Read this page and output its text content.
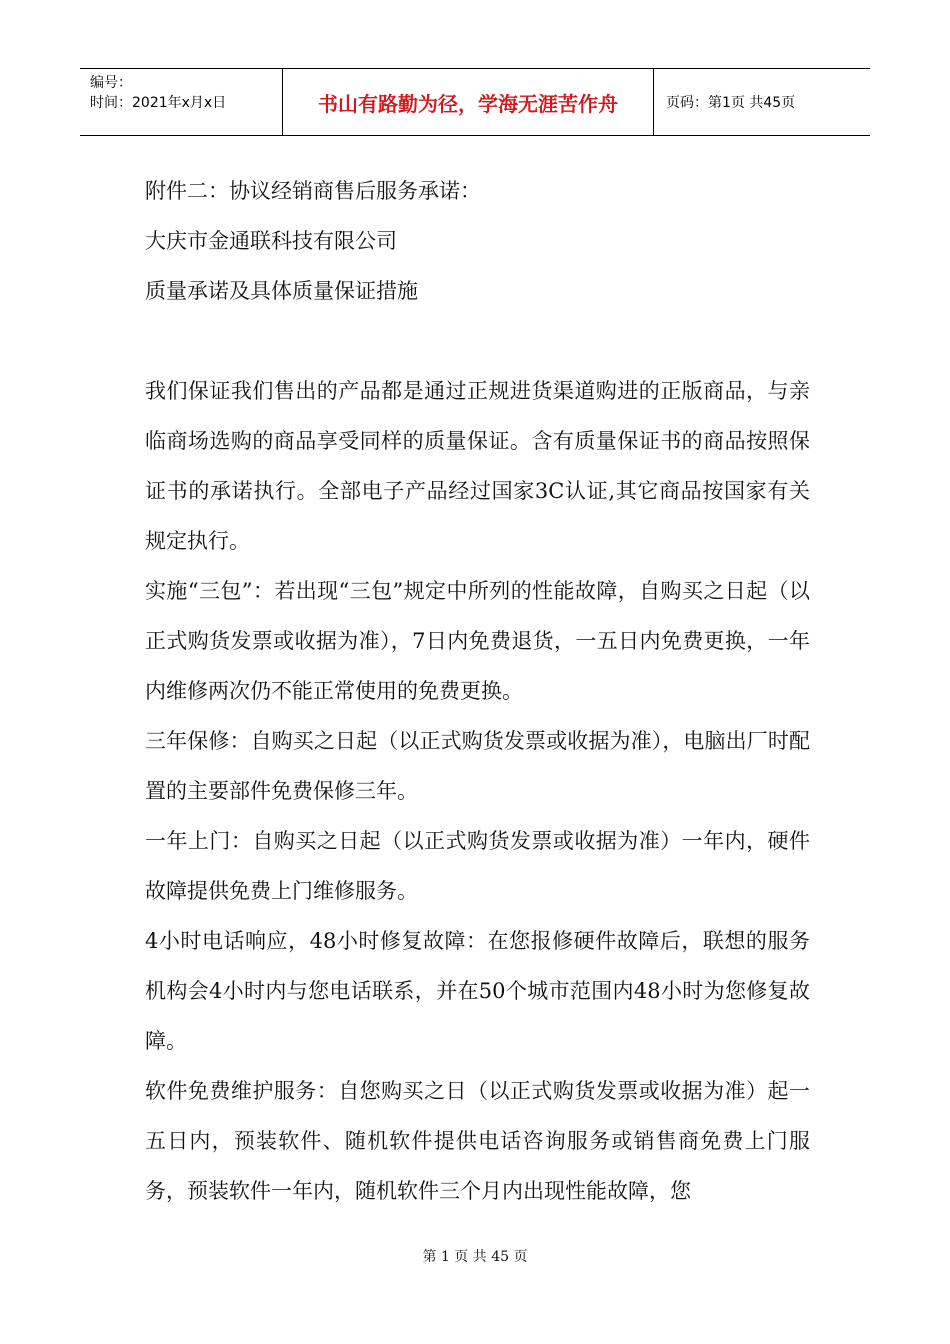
编号：
时间：2021年x月x日	书山有路勤为径，学海无涯苦作舟	页码：第1页 共45页

附件二：协议经销商售后服务承诺：

大庆市金通联科技有限公司

质量承诺及具体质量保证措施

我们保证我们售出的产品都是通过正规进货渠道购进的正版商品，与亲临商场选购的商品享受同样的质量保证。含有质量保证书的商品按照保证书的承诺执行。全部电子产品经过国家3C认证,其它商品按国家有关规定执行。

实施“三包”：若出现“三包”规定中所列的性能故障，自购买之日起（以正式购货发票或收据为准），7日内免费退货，一五日内免费更换，一年内维修两次仍不能正常使用的免费更换。

三年保修：自购买之日起（以正式购货发票或收据为准），电脑出厂时配置的主要部件免费保修三年。

一年上门：自购买之日起（以正式购货发票或收据为准）一年内，硬件故障提供免费上门维修服务。

4小时电话响应，48小时修复故障：在您报修硬件故障后，联想的服务机构会4小时内与您电话联系，并在50个城市范围内48小时为您修复故障。

软件免费维护服务：自您购买之日（以正式购货发票或收据为准）起一五日内，预装软件、随机软件提供电话咨询服务或销售商免费上门服务，预装软件一年内，随机软件三个月内出现性能故障，您

第 1 页 共 45 页
